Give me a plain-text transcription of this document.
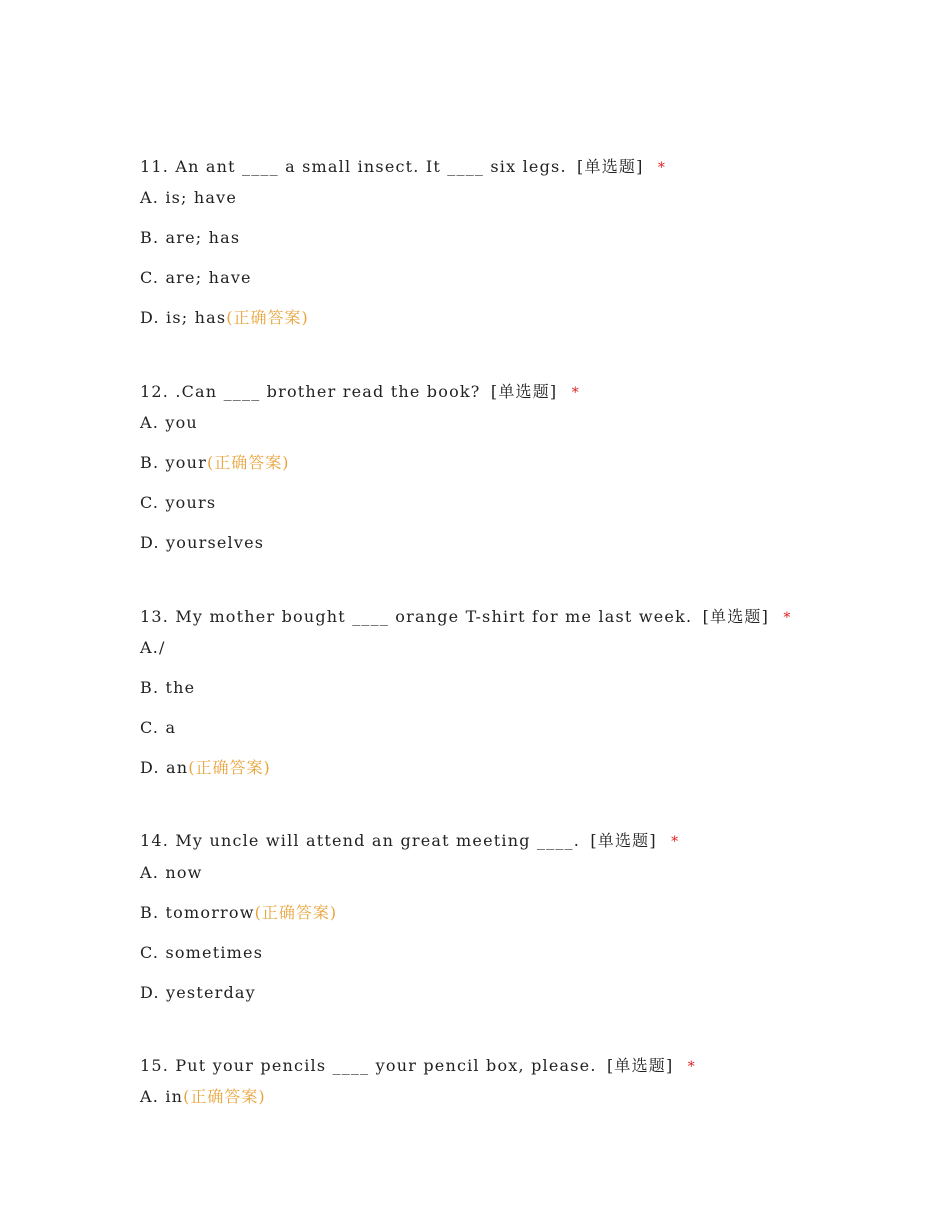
11. An ant ____ a small insect. It ____ six legs. [单选题] *
A. is; have
B. are; has
C. are; have
D. is; has(正确答案)
12. .Can ____ brother read the book? [单选题] *
A. you
B. your(正确答案)
C. yours
D. yourselves
13. My mother bought ____ orange T-shirt for me last week. [单选题] *
A./
B. the
C. a
D. an(正确答案)
14. My uncle will attend an great meeting ____. [单选题] *
A. now
B. tomorrow(正确答案)
C. sometimes
D. yesterday
15. Put your pencils ____ your pencil box, please. [单选题] *
A. in(正确答案)
